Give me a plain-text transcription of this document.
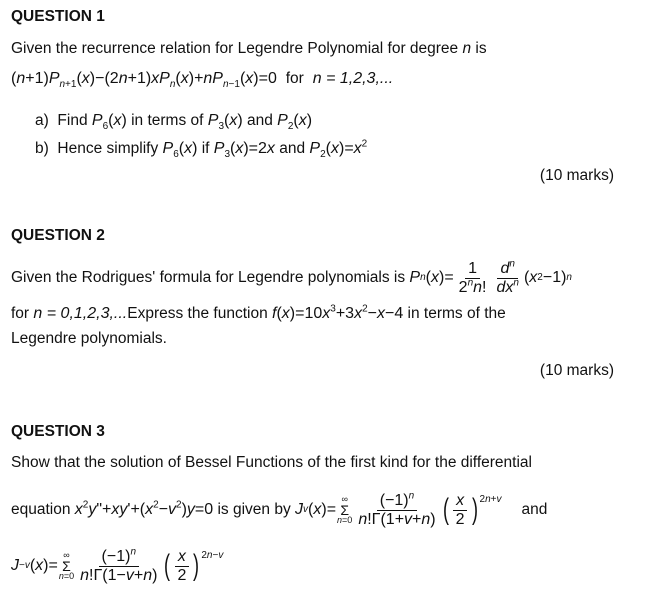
QUESTION 1
Given the recurrence relation for Legendre Polynomial for degree n is
$(n+1)P_{n+1}(x)-(2n+1)xP_n(x)+nP_{n-1}(x)=0$  for n = 1,2,3,...
a) Find $P_6(x)$ in terms of $P_3(x)$ and $P_2(x)$
b) Hence simplify $P_6(x)$ if $P_3(x)=2x$ and $P_2(x)=x^2$
(10 marks)
QUESTION 2
Given the Rodrigues' formula for Legendre polynomials is
P n ( x )= $\frac{1}{2^nn!} \frac{d^n}{dx^n}$ ( x 2 −1) n
for n = 0,1,2,3,...Express the function $f(x)=10x^3+3x^2-x-4$ in terms of the
Legendre polynomials.
(10 marks)
QUESTION 3
Show that the solution of Bessel Functions of the first kind for the differential
equation
$x^2y"+xy'+(x^2-v^2)y=0$
is given by
J v ( x )=
∞
Σ
$n=0 \frac{(-1)^n}{n!\Gamma(1+v+n)}$ ( $\frac{x}{2} )^{2n+v}$
and
J −v ( x )=
∞
Σ
$n=0 \frac{(-1)^n}{n!\Gamma(1-v+n)}$ ( $\frac{x}{2} )^{2n-v}$
